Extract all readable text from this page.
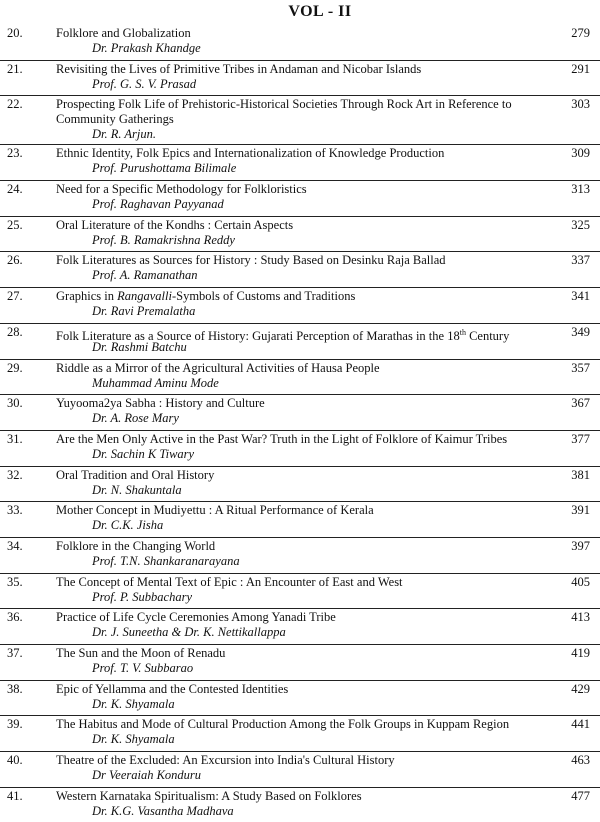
VOL - II
20.	Folklore and Globalization
Dr. Prakash Khandge
279
21.	Revisiting the Lives of Primitive Tribes in Andaman and Nicobar Islands
Prof. G. S. V. Prasad
291
22.	Prospecting Folk Life of Prehistoric-Historical Societies Through Rock Art in Reference to Community Gatherings
Dr. R. Arjun.
303
23.	Ethnic Identity, Folk Epics and Internationalization of Knowledge Production
Prof. Purushottama Bilimale
309
24.	Need for a Specific Methodology for Folkloristics
Prof. Raghavan Payyanad
313
25.	Oral Literature of the Kondhs : Certain Aspects
Prof. B. Ramakrishna Reddy
325
26.	Folk Literatures as Sources for History : Study Based on Desinku Raja Ballad
Prof. A. Ramanathan
337
27.	Graphics in Rangavalli-Symbols of Customs and Traditions
Dr. Ravi Premalatha
341
28.	Folk Literature as a Source of History: Gujarati Perception of Marathas in the 18th Century
Dr. Rashmi Batchu
349
29.	Riddle as a Mirror of the Agricultural Activities of Hausa People
Muhammad Aminu Mode
357
30.	Yuyooma2ya Sabha : History and Culture
Dr. A. Rose Mary
367
31.	Are the Men Only Active in the Past War? Truth in the Light of Folklore of Kaimur Tribes
Dr. Sachin K Tiwary
377
32.	Oral Tradition and Oral History
Dr. N. Shakuntala
381
33.	Mother Concept in Mudiyettu : A Ritual Performance of Kerala
Dr. C.K. Jisha
391
34.	Folklore in the Changing World
Prof. T.N. Shankaranarayana
397
35.	The Concept of Mental Text of Epic : An Encounter of East and West
Prof. P. Subbachary
405
36.	Practice of Life Cycle Ceremonies Among Yanadi Tribe
Dr. J. Suneetha & Dr. K. Nettikallappa
413
37.	The Sun and the Moon of Renadu
Prof. T. V. Subbarao
419
38.	Epic of Yellamma and the Contested Identities
Dr. K. Shyamala
429
39.	The Habitus and Mode of Cultural Production Among the Folk Groups in Kuppam Region
Dr. K. Shyamala
441
40.	Theatre of the Excluded: An Excursion into India's Cultural History
Dr Veeraiah Konduru
463
41.	Western Karnataka Spiritualism: A Study Based on Folklores
Dr. K.G. Vasantha Madhava
477
